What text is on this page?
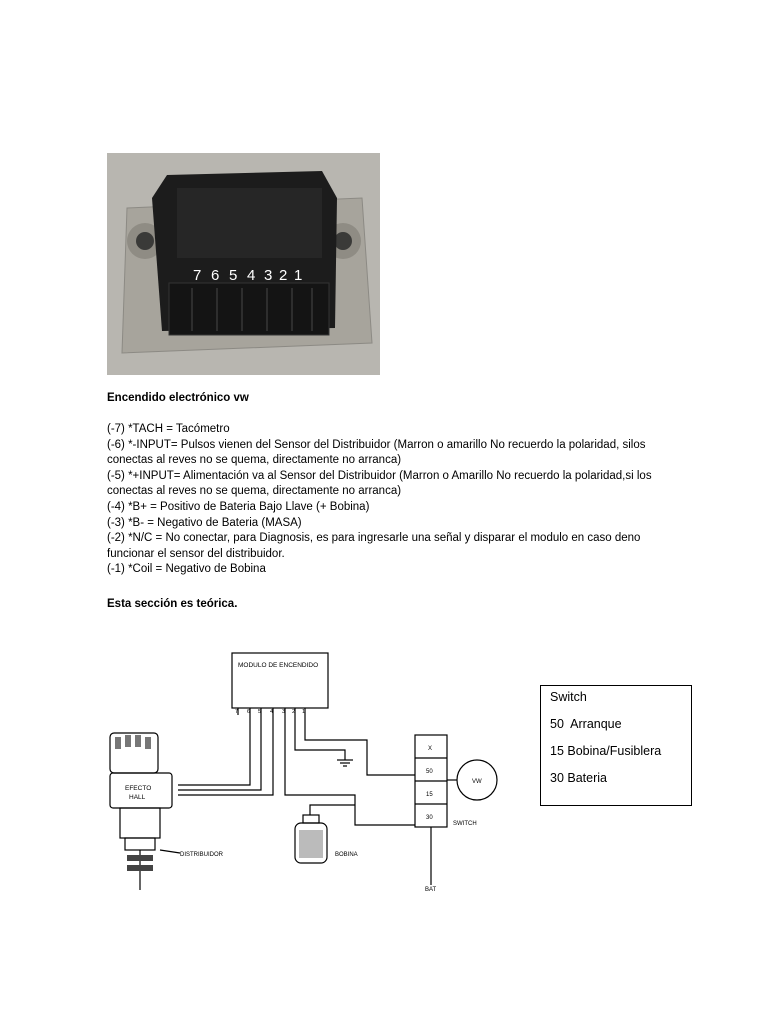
7 6 5 4 3 2 1
Encendido electrónico vw
(-7) *TACH = Tacómetro
(-6) *-INPUT= Pulsos vienen del Sensor del Distribuidor (Marron o amarillo No recuerdo la polaridad, silos conectas al reves no se quema, directamente no arranca)
(-5) *+INPUT= Alimentación va al Sensor del Distribuidor (Marron o Amarillo No recuerdo la polaridad,si los conectas al reves no se quema, directamente no arranca)
(-4) *B+ = Positivo de Bateria Bajo Llave (+ Bobina)
(-3) *B- = Negativo de Bateria (MASA)
(-2) *N/C = No conectar, para Diagnosis, es para ingresarle una señal y disparar el modulo en caso deno funcionar el sensor del distribuidor.
(-1) *Coil = Negativo de Bobina
Esta sección es teórica.
MODULO DE ENCENDIDO
7 6 5 4 3 2 1
EFECTO
HALL
DISTRIBUIDOR	BOBINA
X
50
15
30
VW
SWITCH
BAT
Switch
50  Arranque
15 Bobina/Fusiblera
30 Bateria
